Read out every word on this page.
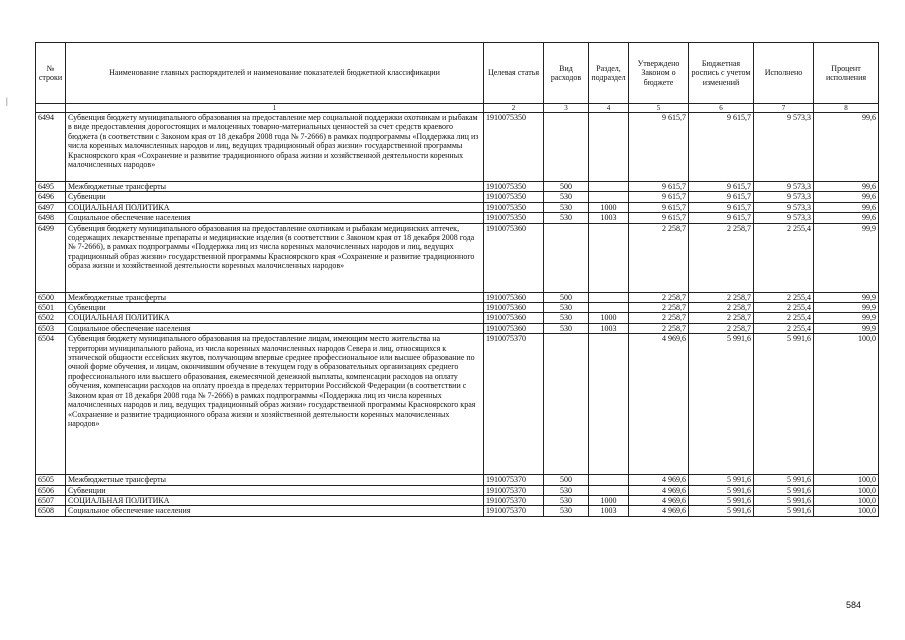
|
№ строки	Наименование главных распорядителей и наименование показателей бюджетной классификации	Целевая статья	Вид расходов	Раздел, подраздел	Утверждено Законом о бюджете	Бюджетная роспись с учетом изменений	Исполнено	Процент исполнения

	1	2	3	4	5	6	7	8
6494	Субвенция бюджету муниципального образования на предоставление мер социальной поддержки охотникам и рыбакам в виде предоставления дорогостоящих и малоценных товарно-материальных ценностей за счет средств краевого бюджета (в соответствии с Законом края от 18 декабря 2008 года № 7-2666) в рамках подпрограммы «Поддержка лиц из числа коренных малочисленных народов и лиц, ведущих традиционный образ жизни» государственной программы Красноярского края «Сохранение и развитие традиционного образа жизни и хозяйственной деятельности коренных малочисленных народов»	1910075350			9 615,7	9 615,7	9 573,3	99,6
6495	Межбюджетные трансферты	1910075350	500		9 615,7	9 615,7	9 573,3	99,6
6496	Субвенции	1910075350	530		9 615,7	9 615,7	9 573,3	99,6
6497	СОЦИАЛЬНАЯ ПОЛИТИКА	1910075350	530	1000	9 615,7	9 615,7	9 573,3	99,6
6498	Социальное обеспечение населения	1910075350	530	1003	9 615,7	9 615,7	9 573,3	99,6
6499	Субвенция бюджету муниципального образования на предоставление охотникам и рыбакам медицинских аптечек, содержащих лекарственные препараты и медицинские изделия (в соответствии с Законом края от 18 декабря 2008 года № 7-2666), в рамках подпрограммы «Поддержка лиц из числа коренных малочисленных народов и лиц, ведущих традиционный образ жизни» государственной программы Красноярского края «Сохранение и развитие традиционного образа жизни и хозяйственной деятельности коренных малочисленных народов»	1910075360			2 258,7	2 258,7	2 255,4	99,9
6500	Межбюджетные трансферты	1910075360	500		2 258,7	2 258,7	2 255,4	99,9
6501	Субвенции	1910075360	530		2 258,7	2 258,7	2 255,4	99,9
6502	СОЦИАЛЬНАЯ ПОЛИТИКА	1910075360	530	1000	2 258,7	2 258,7	2 255,4	99,9
6503	Социальное обеспечение населения	1910075360	530	1003	2 258,7	2 258,7	2 255,4	99,9
6504	Субвенция бюджету муниципального образования на предоставление лицам, имеющим место жительства на территории муниципального района, из числа коренных малочисленных народов Севера и лиц, относящихся к этнической общности ессейских якутов, получающим впервые среднее профессиональное или высшее образование по очной форме обучения, и лицам, окончившим обучение в текущем году в образовательных организациях среднего профессионального или высшего образования, ежемесячной денежной выплаты, компенсации расходов на оплату обучения, компенсации расходов на оплату проезда в пределах территории Российской Федерации (в соответствии с Законом края от 18 декабря 2008 года № 7-2666) в рамках подпрограммы «Поддержка лиц из числа коренных малочисленных народов и лиц, ведущих традиционный образ жизни» государственной программы Красноярского края «Сохранение и развитие традиционного образа жизни и хозяйственной деятельности коренных малочисленных народов»	1910075370			4 969,6	5 991,6	5 991,6	100,0
6505	Межбюджетные трансферты	1910075370	500		4 969,6	5 991,6	5 991,6	100,0
6506	Субвенции	1910075370	530		4 969,6	5 991,6	5 991,6	100,0
6507	СОЦИАЛЬНАЯ ПОЛИТИКА	1910075370	530	1000	4 969,6	5 991,6	5 991,6	100,0
6508	Социальное обеспечение населения	1910075370	530	1003	4 969,6	5 991,6	5 991,6	100,0
584
